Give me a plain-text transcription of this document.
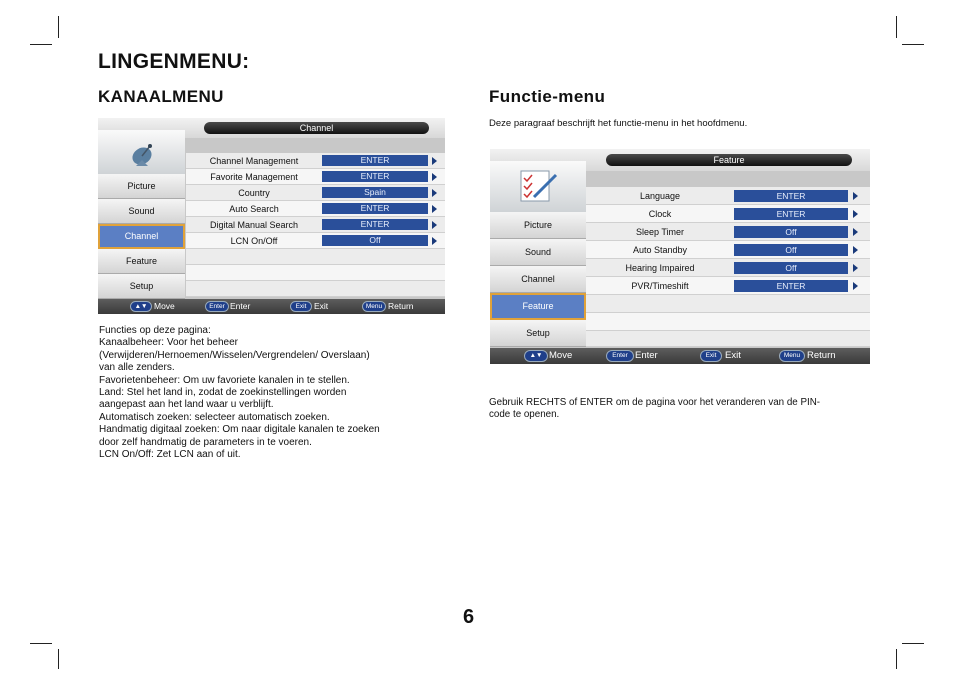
LINGENMENU:
KANAALMENU	Functie-menu
Deze paragraaf beschrijft het functie-menu in het hoofdmenu.
Channel
Picture
Sound
Channel
Feature
Setup
Channel Management	ENTER
Favorite Management	ENTER
Country	Spain
Auto Search	ENTER
Digital Manual Search	ENTER
LCN On/Off	Off
▲▼ Move	Enter Enter	Exit Exit	Menu Return
Feature
Picture
Sound
Channel
Feature
Setup
Language	ENTER
Clock	ENTER
Sleep Timer	Off
Auto Standby	Off
Hearing Impaired	Off
PVR/Timeshift	ENTER
▲▼ Move	Enter Enter	Exit Exit	Menu Return
Functies op deze pagina:
Kanaalbeheer: Voor het beheer
(Verwijderen/Hernoemen/Wisselen/Vergrendelen/ Overslaan)
van alle zenders.
Favorietenbeheer: Om uw favoriete kanalen in te stellen.
Land: Stel het land in, zodat de zoekinstellingen worden
aangepast aan het land waar u verblijft.
Automatisch zoeken: selecteer automatisch zoeken.
Handmatig digitaal zoeken: Om naar digitale kanalen te zoeken
door zelf handmatig de parameters in te voeren.
LCN On/Off: Zet LCN aan of uit.
Gebruik RECHTS of ENTER om de pagina voor het veranderen van de PIN-
code te openen.
6
